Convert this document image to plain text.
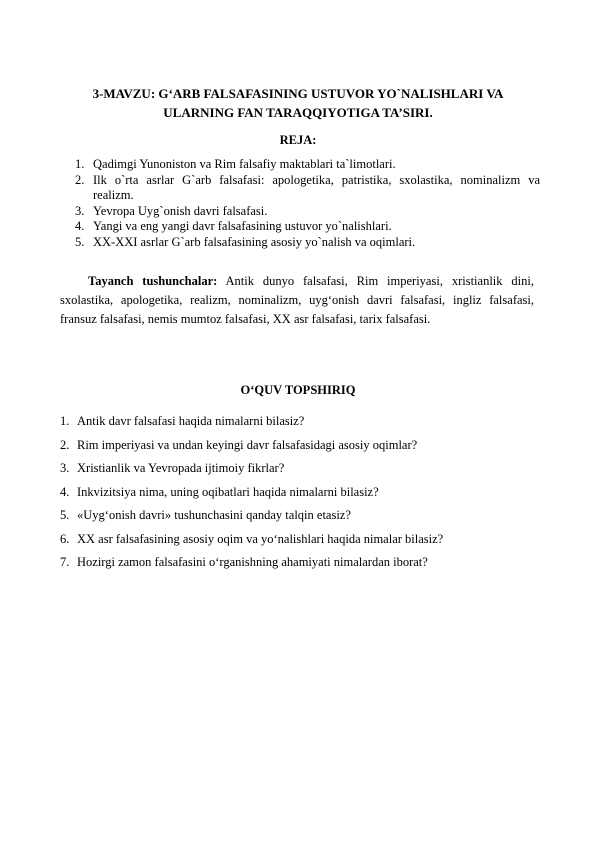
3-MAVZU: G‘ARB FALSAFASINING USTUVOR YO`NALISHLARI VA
ULARNING FAN TARAQQIYOTIGA TA’SIRI.
REJA:
1. Qadimgi Yunoniston va Rim falsafiy maktablari ta`limotlari.
2. Ilk o`rta asrlar G`arb falsafasi: apologetika, patristika, sxolastika, nominalizm va realizm.
3. Yevropa Uyg`onish davri falsafasi.
4. Yangi va eng yangi davr falsafasining ustuvor yo`nalishlari.
5. XX-XXI asrlar G`arb falsafasining asosiy yo`nalish va oqimlari.

Tayanch tushunchalar: Antik dunyo falsafasi, Rim imperiyasi, xristianlik dini, sxolastika, apologetika, realizm, nominalizm, uyg‘onish davri falsafasi, ingliz falsafasi, fransuz falsafasi, nemis mumtoz falsafasi, XX asr falsafasi, tarix falsafasi.

O‘QUV TOPSHIRIQ
1. Antik davr falsafasi haqida nimalarni bilasiz?
2. Rim imperiyasi va undan keyingi davr falsafasidagi asosiy oqimlar?
3. Xristianlik va Yevropada ijtimoiy fikrlar?
4. Inkvizitsiya nima, uning oqibatlari haqida nimalarni bilasiz?
5. «Uyg‘onish davri» tushunchasini qanday talqin etasiz?
6. XX asr falsafasining asosiy oqim va yo‘nalishlari haqida nimalar bilasiz?
7. Hozirgi zamon falsafasini o‘rganishning ahamiyati nimalardan iborat?
